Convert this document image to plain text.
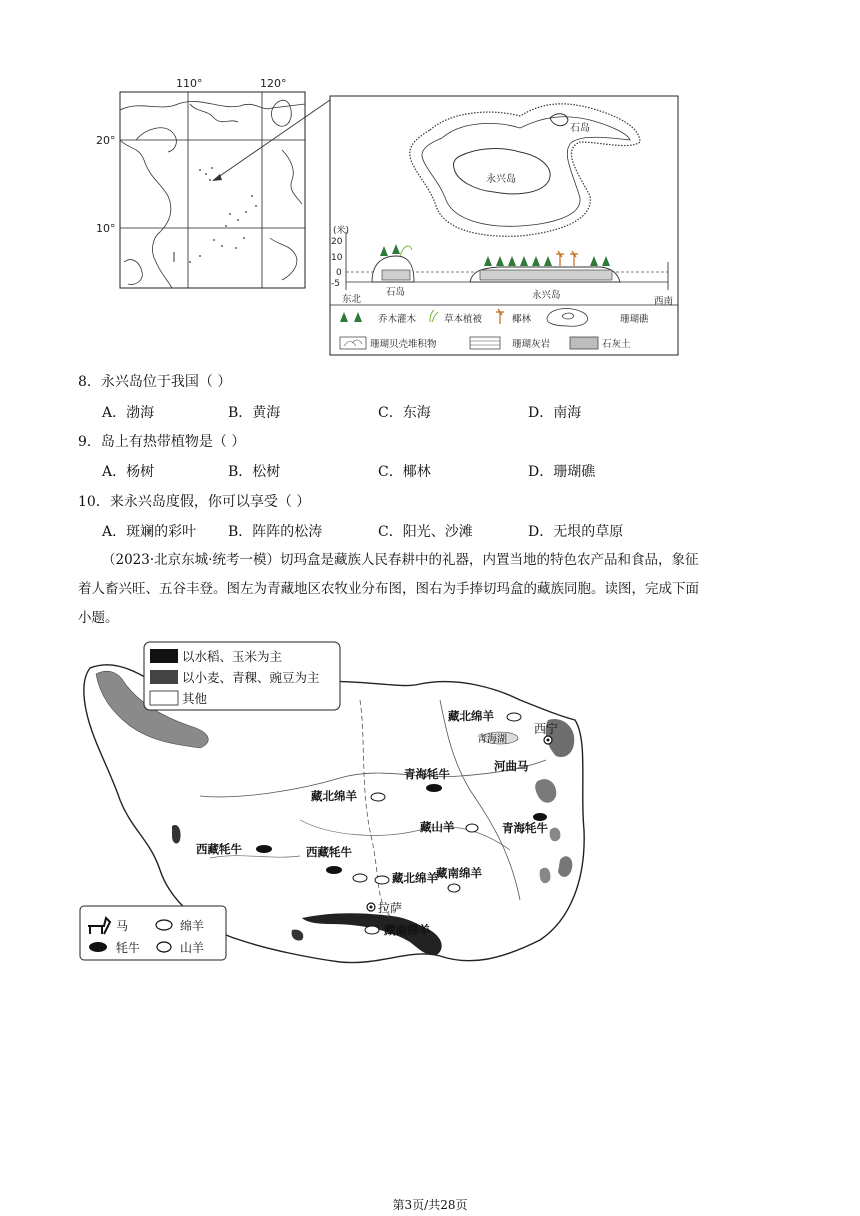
110°	120°
20°
10°
石岛
永兴岛
(米)
20
10
0
-5
东北
石岛	永兴岛
西南
乔木灌木	草本植被	椰林	珊瑚礁
珊瑚贝壳堆积物	珊瑚灰岩	石灰土
8．永兴岛位于我国（ ）
A．渤海	B．黄海	C．东海	D．南海
9．岛上有热带植物是（ ）
A．杨树	B．松树	C．椰林	D．珊瑚礁
10．来永兴岛度假，你可以享受（ ）
A．斑斓的彩叶 B．阵阵的松涛	C．阳光、沙滩	D．无垠的草原
（2023·北京东城·统考一模）切玛盒是藏族人民春耕中的礼器，内置当地的特色农产品和食品，象征
着人畜兴旺、五谷丰登。图左为青藏地区农牧业分布图，图右为手捧切玛盒的藏族同胞。读图，完成下面
小题。
以水稻、玉米为主
以小麦、青稞、豌豆为主
其他
藏北绵羊
青海湖
西宁
河曲马
青海牦牛
藏北绵羊
藏山羊	青海牦牛
西藏牦牛	西藏牦牛
藏北绵羊
藏南绵羊
拉萨
藏南绵羊
马	绵羊
牦牛	山羊
第3页/共28页
